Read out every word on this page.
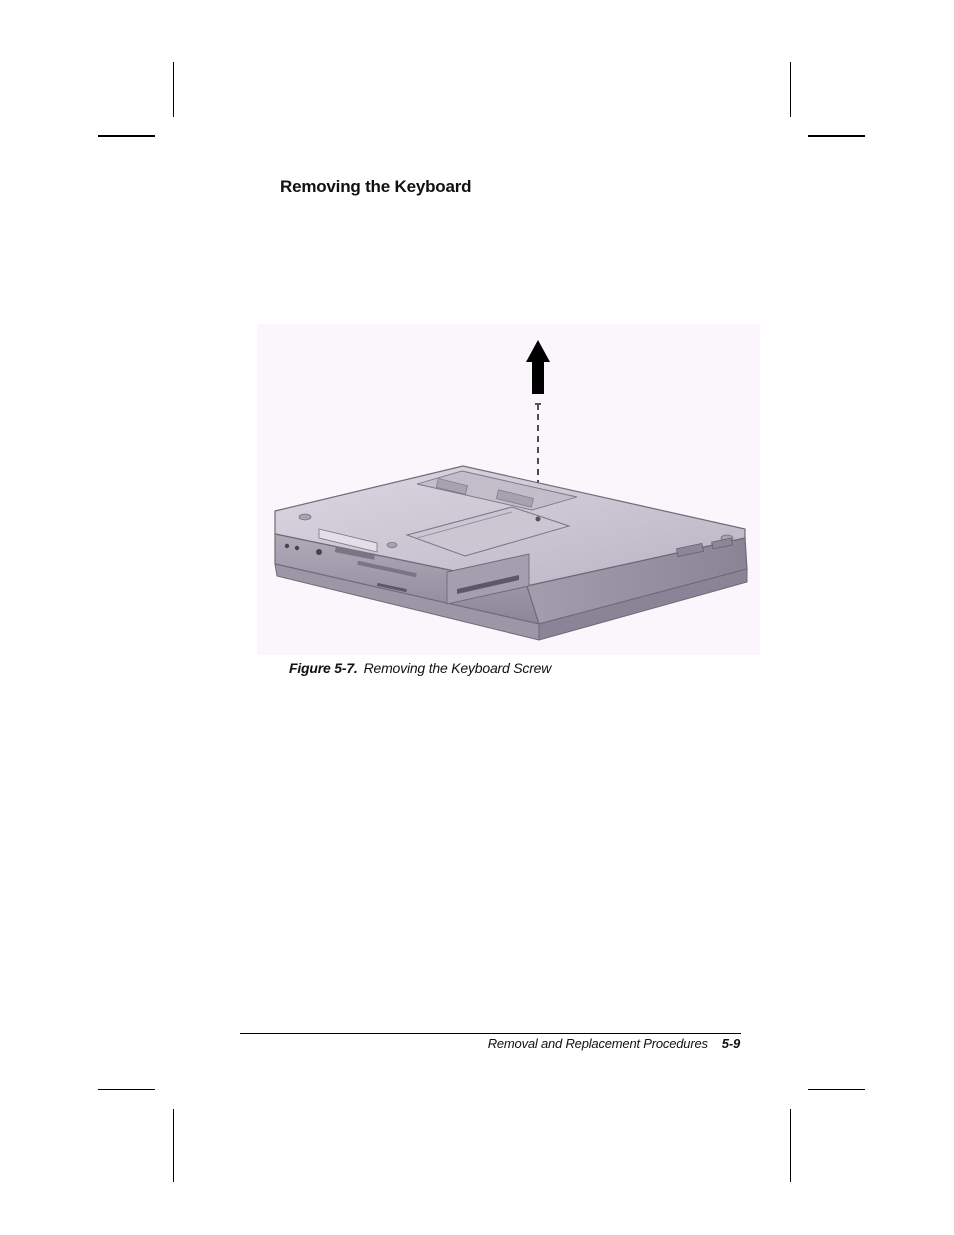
Removing the Keyboard
Figure 5-7. Removing the Keyboard Screw
Removal and Replacement Procedures 5-9
